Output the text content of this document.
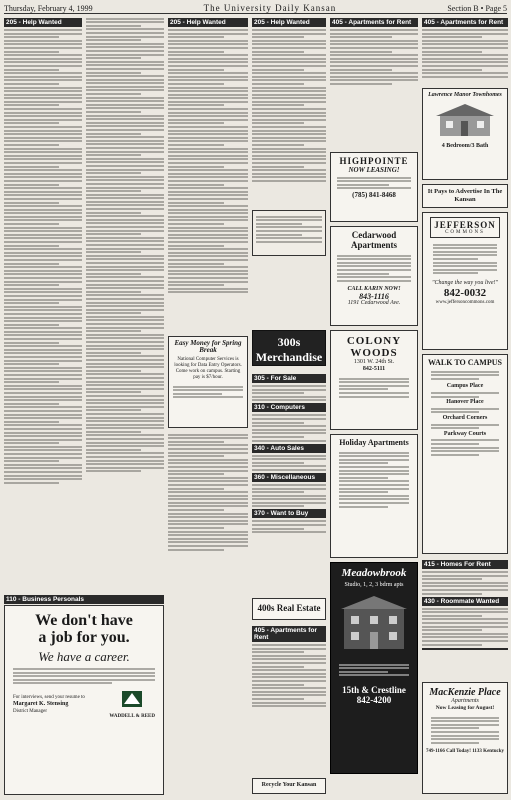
Thursday, February 4, 1999	The University Daily Kansan	Section B • Page 5
205 - Help Wanted
110 - Business Personals
We don't have
a job for you.
We have a career.
For interviews, send your resume to
Margaret K. Stensing
District Manager
WADDELL & REED
205 - Help Wanted	205 - Help Wanted
Easy Money for Spring Break
National Computer Services is looking for Data Entry Operators. Come work on campus. Starting pay is $7/hour.
300s Merchandise
305 - For Sale
310 - Computers
340 - Auto Sales
360 - Miscellaneous
370 - Want to Buy
400s Real Estate
405 - Apartments for Rent
Recycle Your Kansan
405 - Apartments for Rent
HIGHPOINTE
NOW LEASING!
(785) 841-8468
Cedarwood Apartments
CALL KARIN NOW!
843-1116
1191 Cedarwood Ave.
COLONY WOODS
1301 W. 24th St.
842-5111
Holiday Apartments
Meadowbrook
Studio, 1, 2, 3 bdrm apts
15th & Crestline
842-4200
405 - Apartments for Rent
Lawrence Manor Townhomes
4 Bedroom/3 Bath
It Pays to Advertise In The Kansan
JEFFERSON
COMMONS
"Change the way you live!"
842-0032
www.jeffersoncommons.com
WALK TO CAMPUS
Campus Place
Hanover Place
Orchard Corners
Parkway Courts
415 - Homes For Rent
430 - Roommate Wanted
MacKenzie Place
Apartments
Now Leasing for August!
749-1166 Call Today! 1133 Kentucky
